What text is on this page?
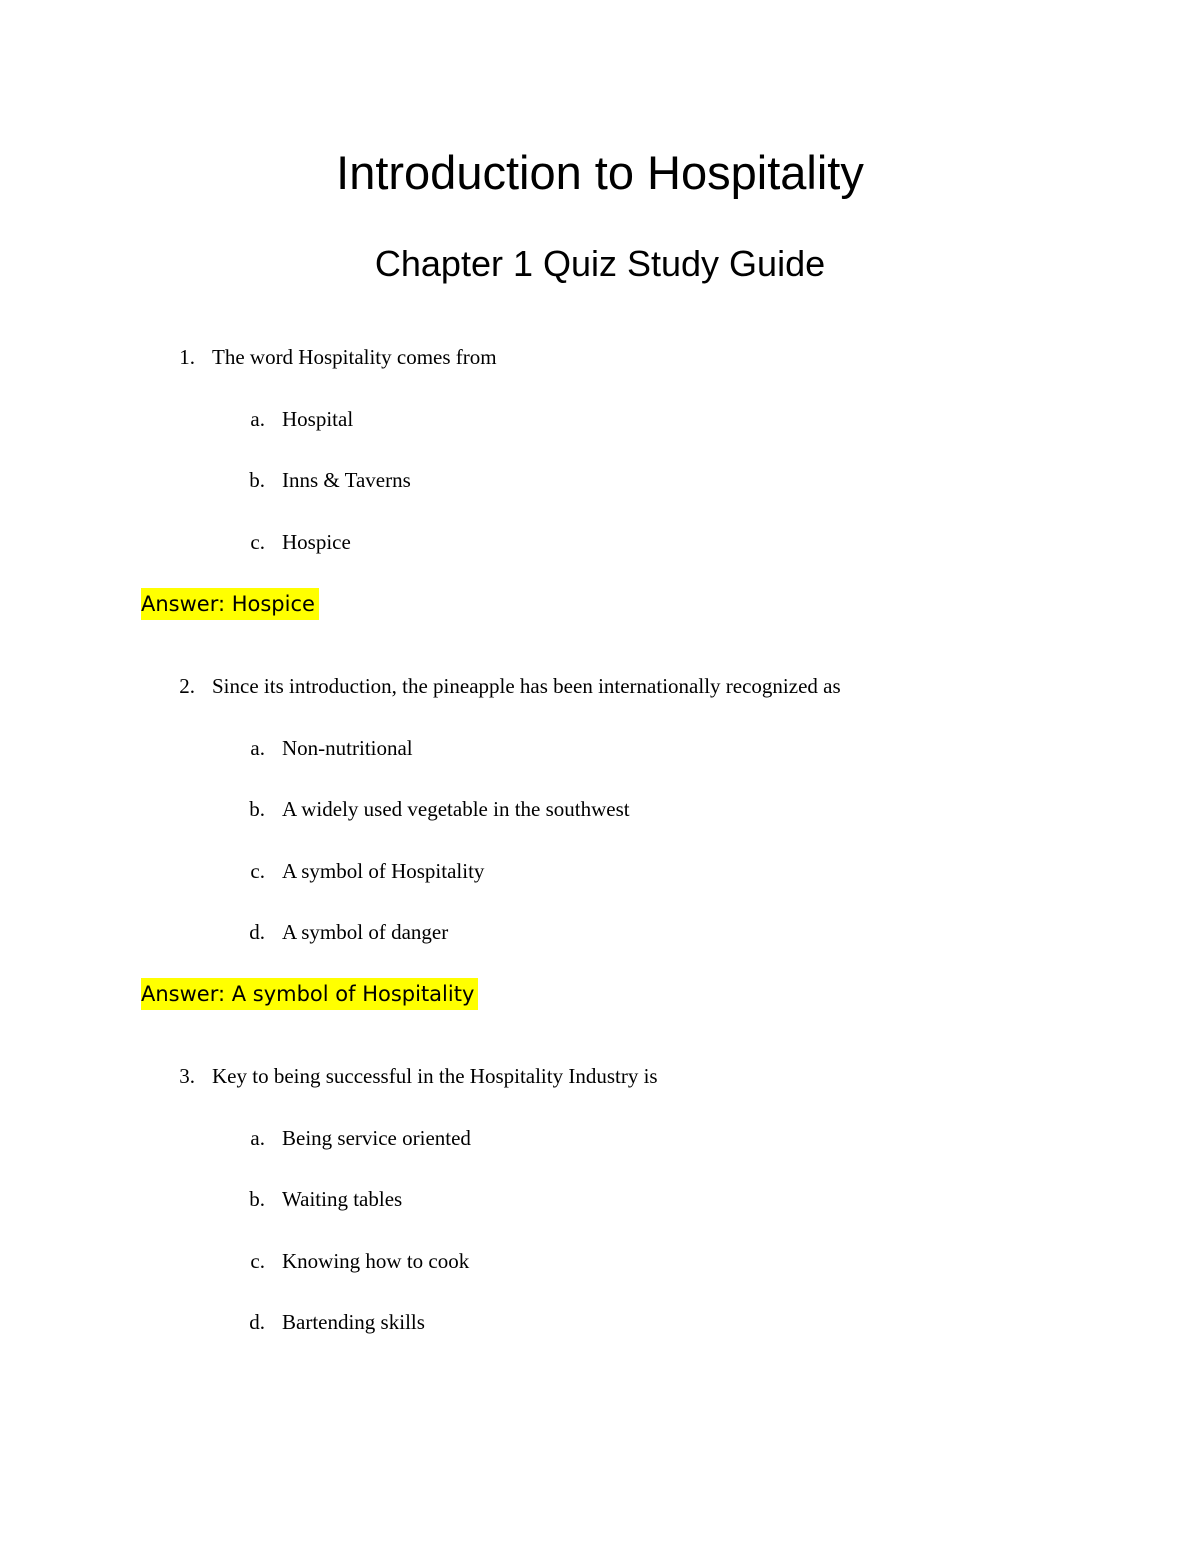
Introduction to Hospitality
Chapter 1 Quiz Study Guide
1. The word Hospitality comes from
a. Hospital
b. Inns & Taverns
c. Hospice
Answer: Hospice
2. Since its introduction, the pineapple has been internationally recognized as
a. Non-nutritional
b. A widely used vegetable in the southwest
c. A symbol of Hospitality
d. A symbol of danger
Answer: A symbol of Hospitality
3. Key to being successful in the Hospitality Industry is
a. Being service oriented
b. Waiting tables
c. Knowing how to cook
d. Bartending skills
